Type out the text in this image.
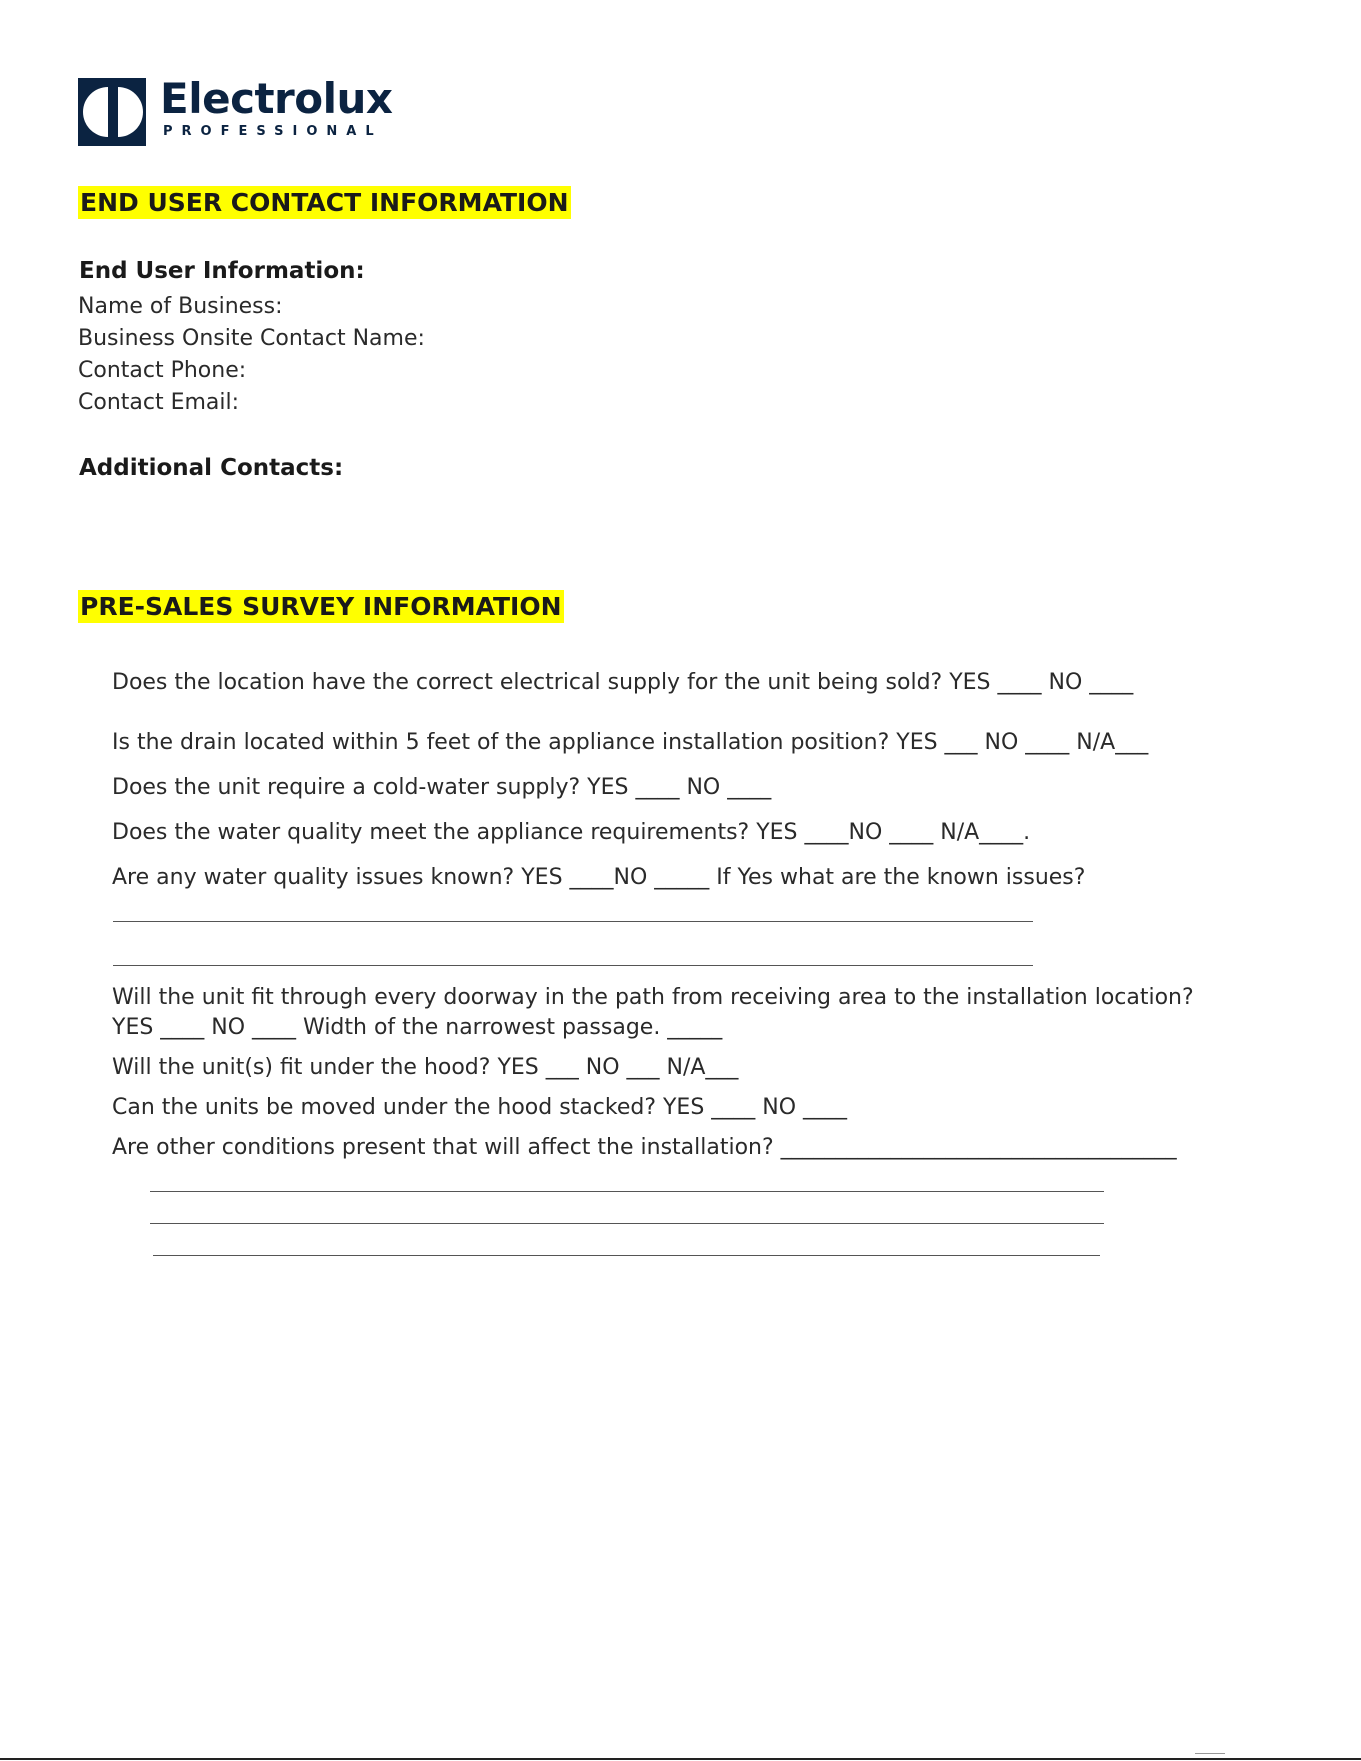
Electrolux
PROFESSIONAL
END USER CONTACT INFORMATION
End User Information:
Name of Business:
Business Onsite Contact Name:
Contact Phone:
Contact Email:
Additional Contacts:
PRE-SALES SURVEY INFORMATION
Does the location have the correct electrical supply for the unit being sold? YES ____ NO ____
Is the drain located within 5 feet of the appliance installation position? YES ___ NO ____ N/A___
Does the unit require a cold-water supply? YES ____ NO ____
Does the water quality meet the appliance requirements? YES ____NO ____ N/A____.
Are any water quality issues known? YES ____NO _____ If Yes what are the known issues?
Will the unit fit through every doorway in the path from receiving area to the installation location?
YES ____ NO ____ Width of the narrowest passage. _____
Will the unit(s) fit under the hood? YES ___ NO ___ N/A___
Can the units be moved under the hood stacked? YES ____ NO ____
Are other conditions present that will affect the installation? ____________________________________
